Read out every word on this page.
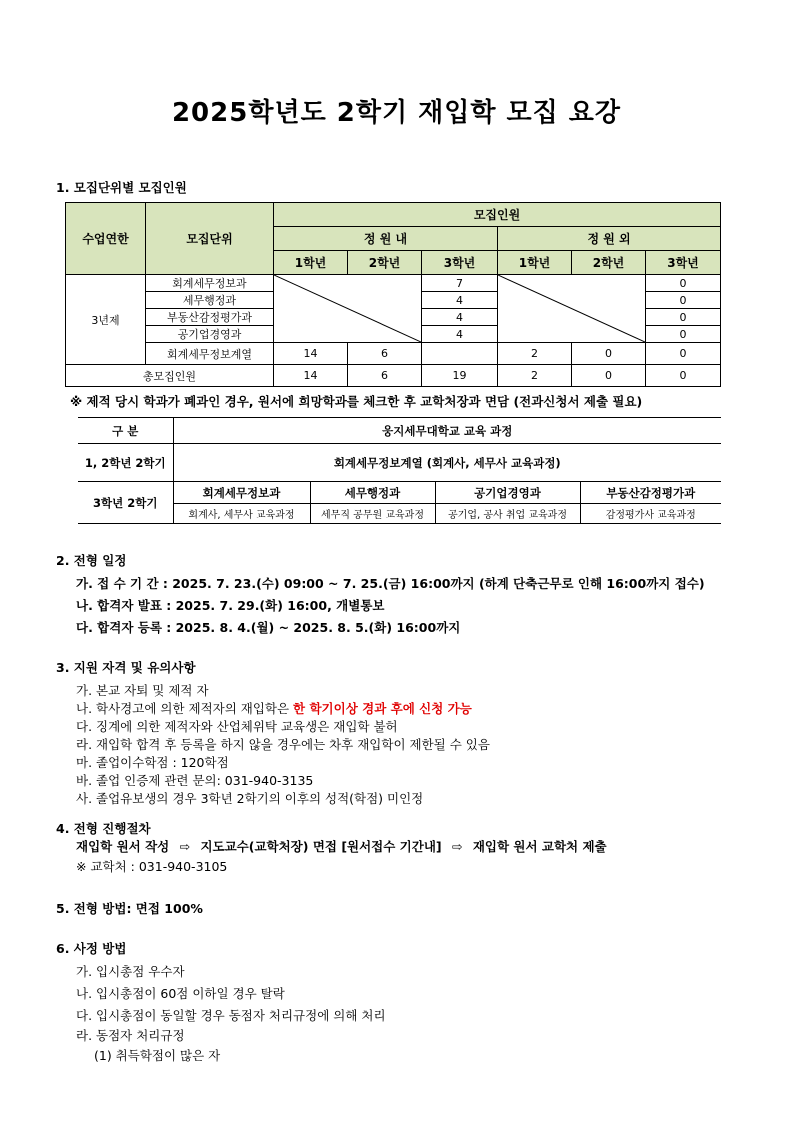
2025학년도 2학기 재입학 모집 요강
1. 모집단위별 모집인원
수업연한	모집단위	모집인원					
		정 원 내			정 원 외		
		1학년	2학년	3학년	1학년	2학년	3학년
3년제	회계세무정보과			7			0
	세무행정과			4			0
	부동산감정평가과			4			0
	공기업경영과			4			0
	회계세무정보계열	14	6		2	0	0
총모집인원		14	6	19	2	0	0
※ 제적 당시 학과가 폐과인 경우, 원서에 희망학과를 체크한 후 교학처장과 면담 (전과신청서 제출 필요)
구 분	웅지세무대학교 교육 과정			
1, 2학년 2학기	회계세무정보계열 (회계사, 세무사 교육과정)			
3학년 2학기	회계세무정보과	세무행정과	공기업경영과	부동산감정평가과
	회계사, 세무사 교육과정	세무직 공무원 교육과정	공기업, 공사 취업 교육과정	감정평가사 교육과정
2. 전형 일정
가. 접 수 기 간 : 2025. 7. 23.(수) 09:00 ~ 7. 25.(금) 16:00까지 (하계 단축근무로 인해 16:00까지 접수)
나. 합격자 발표 : 2025. 7. 29.(화) 16:00, 개별통보
다. 합격자 등록 : 2025. 8. 4.(월) ~ 2025. 8. 5.(화) 16:00까지
3. 지원 자격 및 유의사항
가. 본교 자퇴 및 제적 자
나. 학사경고에 의한 제적자의 재입학은 한 학기이상 경과 후에 신청 가능
다. 징계에 의한 제적자와 산업체위탁 교육생은 재입학 불허
라. 재입학 합격 후 등록을 하지 않을 경우에는 차후 재입학이 제한될 수 있음
마. 졸업이수학점 : 120학점
바. 졸업 인증제 관련 문의: 031-940-3135
사. 졸업유보생의 경우 3학년 2학기의 이후의 성적(학점) 미인정
4. 전형 진행절차
재입학 원서 작성 ⇨ 지도교수(교학처장) 면접 [원서접수 기간내] ⇨ 재입학 원서 교학처 제출
※ 교학처 : 031-940-3105
5. 전형 방법: 면접 100%
6. 사정 방법
가. 입시총점 우수자
나. 입시총점이 60점 이하일 경우 탈락
다. 입시총점이 동일할 경우 동점자 처리규정에 의해 처리
라. 동점자 처리규정
(1) 취득학점이 많은 자
